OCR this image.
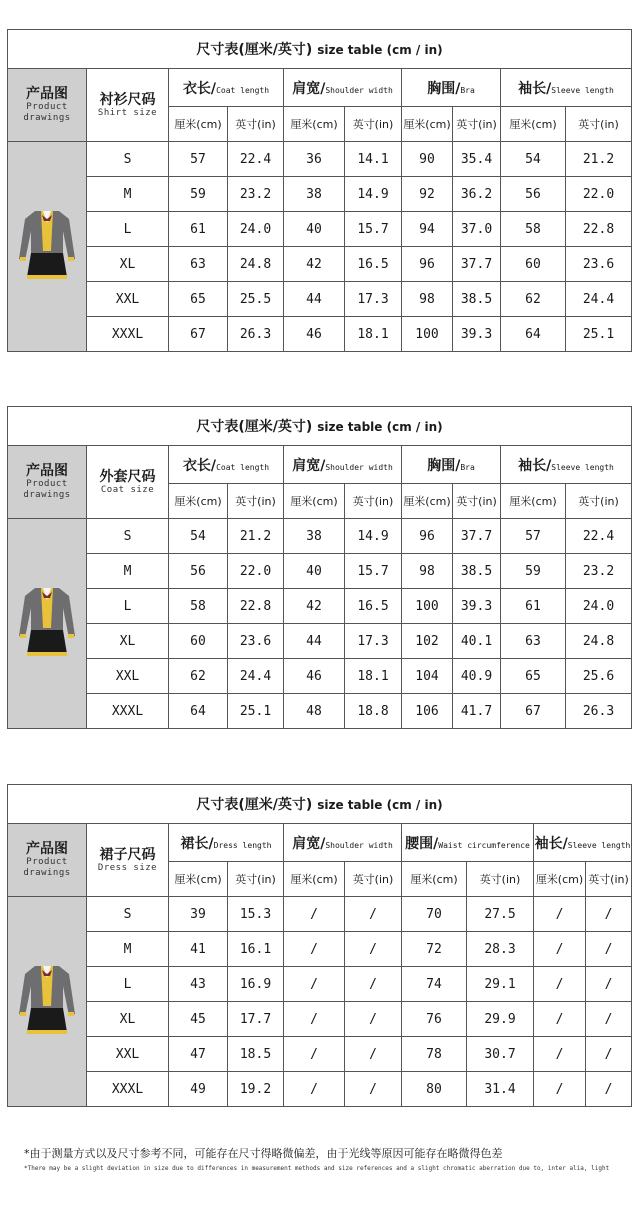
尺寸表(厘米/英寸) size table (cm / in)									

产品图
Product
drawings	衬衫尺码
Shirt size	衣长/Coat length		肩宽/Shoulder width		胸围/Bra		袖长/Sleeve length	
		厘米(cm)	英寸(in)	厘米(cm)	英寸(in)	厘米(cm)	英寸(in)	厘米(cm)	英寸(in)

	S	57	22.4	36	14.1	90	35.4	54	21.2
	M	59	23.2	38	14.9	92	36.2	56	22.0
	L	61	24.0	40	15.7	94	37.0	58	22.8
	XL	63	24.8	42	16.5	96	37.7	60	23.6
	XXL	65	25.5	44	17.3	98	38.5	62	24.4
	XXXL	67	26.3	46	18.1	100	39.3	64	25.1
尺寸表(厘米/英寸) size table (cm / in)									

产品图
Product
drawings	外套尺码
Coat size	衣长/Coat length		肩宽/Shoulder width		胸围/Bra		袖长/Sleeve length	
		厘米(cm)	英寸(in)	厘米(cm)	英寸(in)	厘米(cm)	英寸(in)	厘米(cm)	英寸(in)

	S	54	21.2	38	14.9	96	37.7	57	22.4
	M	56	22.0	40	15.7	98	38.5	59	23.2
	L	58	22.8	42	16.5	100	39.3	61	24.0
	XL	60	23.6	44	17.3	102	40.1	63	24.8
	XXL	62	24.4	46	18.1	104	40.9	65	25.6
	XXXL	64	25.1	48	18.8	106	41.7	67	26.3
尺寸表(厘米/英寸) size table (cm / in)									

产品图
Product
drawings	裙子尺码
Dress size	裙长/Dress length		肩宽/Shoulder width		腰围/Waist circumference		袖长/Sleeve length	
		厘米(cm)	英寸(in)	厘米(cm)	英寸(in)	厘米(cm)	英寸(in)	厘米(cm)	英寸(in)

	S	39	15.3	/	/	70	27.5	/	/
	M	41	16.1	/	/	72	28.3	/	/
	L	43	16.9	/	/	74	29.1	/	/
	XL	45	17.7	/	/	76	29.9	/	/
	XXL	47	18.5	/	/	78	30.7	/	/
	XXXL	49	19.2	/	/	80	31.4	/	/
*由于测量方式以及尺寸参考不同，可能存在尺寸得略微偏差，由于光线等原因可能存在略微得色差
*There may be a slight deviation in size due to differences in measurement methods and size references and a slight chromatic aberration due to, inter alia, light
